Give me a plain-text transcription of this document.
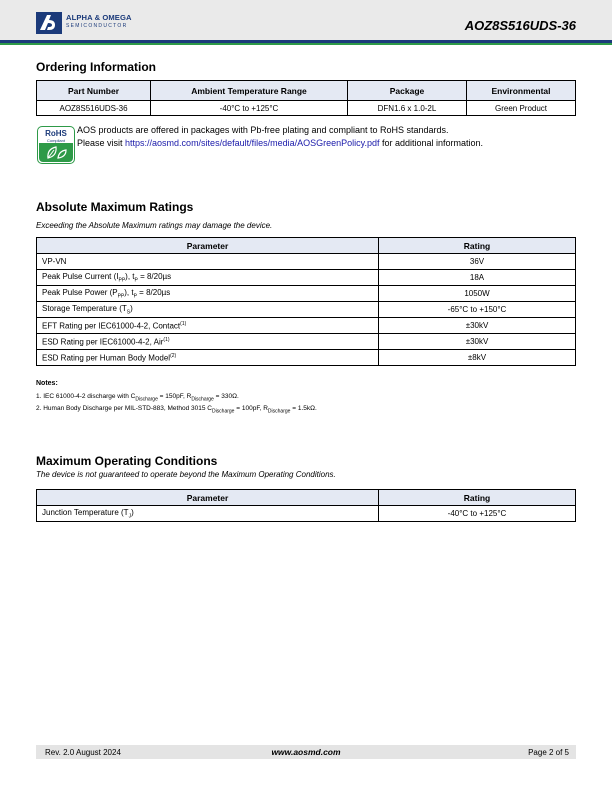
ALPHA & OMEGA
SEMICONDUCTOR	AOZ8S516UDS-36
Ordering Information
Part Number	Ambient Temperature Range	Package	Environmental
AOZ8S516UDS-36	-40°C to +125°C	DFN1.6 x 1.0-2L	Green Product
RoHS
Compliant
AOS products are offered in packages with Pb-free plating and compliant to RoHS standards.
Please visit https://aosmd.com/sites/default/files/media/AOSGreenPolicy.pdf for additional information.
Absolute Maximum Ratings
Exceeding the Absolute Maximum ratings may damage the device.
Parameter	Rating
VP-VN	36V
Peak Pulse Current $(I_{PP})$, $t_P = 8/20\mu s$	18A
Peak Pulse Power $(P_{PP})$, $t_P = 8/20\mu s$	1050W
Storage Temperature $(T_S)$	-65°C to +150°C
EFT Rating per IEC61000-4-2, Contact$^{(1)}$	±30kV
ESD Rating per IEC61000-4-2, Air$^{(1)}$	±30kV
ESD Rating per Human Body Model$^{(2)}$	±8kV
Notes:
1. IEC 61000-4-2 discharge with $C_{Discharge} = 150pF$, $R_{Discharge} = 330\Omega$.
2. Human Body Discharge per MIL-STD-883, Method 3015 $C_{Discharge} = 100pF$, $R_{Discharge} = 1.5k\Omega$.
Maximum Operating Conditions
The device is not guaranteed to operate beyond the Maximum Operating Conditions.
Parameter	Rating
Junction Temperature $(T_J)$	-40°C to +125°C
Rev. 2.0 August 2024	www.aosmd.com	Page 2 of 5
